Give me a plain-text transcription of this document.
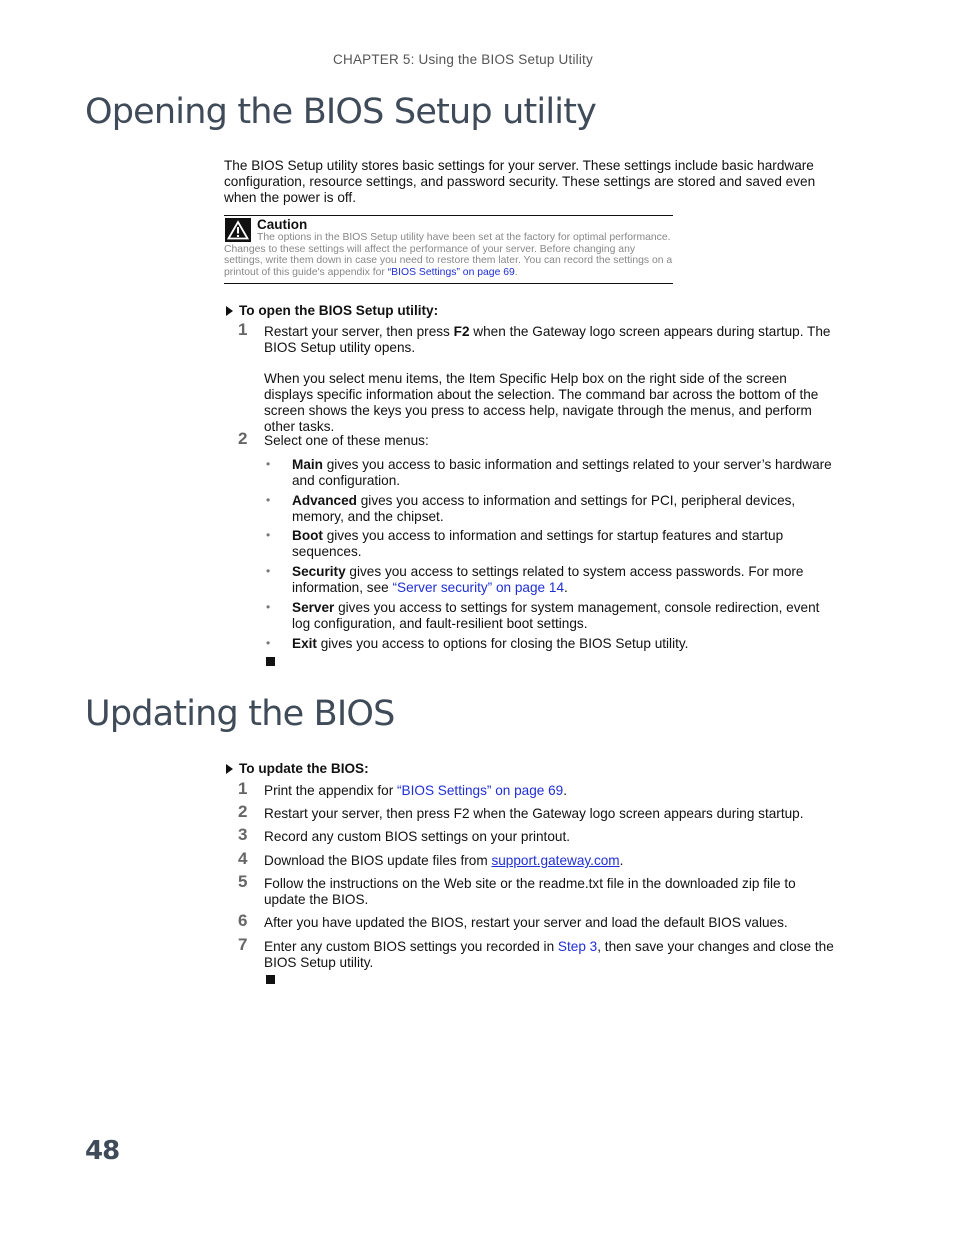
CHAPTER 5: Using the BIOS Setup Utility
Opening the BIOS Setup utility

The BIOS Setup utility stores basic settings for your server. These settings include basic hardware configuration, resource settings, and password security. These settings are stored and saved even when the power is off.

Caution
The options in the BIOS Setup utility have been set at the factory for optimal performance. Changes to these settings will affect the performance of your server. Before changing any settings, write them down in case you need to restore them later. You can record the settings on a printout of this guide's appendix for “BIOS Settings” on page 69.
To open the BIOS Setup utility:
1 Restart your server, then press F2 when the Gateway logo screen appears during startup. The BIOS Setup utility opens.

When you select menu items, the Item Specific Help box on the right side of the screen displays specific information about the selection. The command bar across the bottom of the screen shows the keys you press to access help, navigate through the menus, and perform other tasks.

2 Select one of these menus:

• Main gives you access to basic information and settings related to your server’s hardware and configuration.

• Advanced gives you access to information and settings for PCI, peripheral devices, memory, and the chipset.

• Boot gives you access to information and settings for startup features and startup sequences.

• Security gives you access to settings related to system access passwords. For more information, see “Server security” on page 14.

• Server gives you access to settings for system management, console redirection, event log configuration, and fault-resilient boot settings.

• Exit gives you access to options for closing the BIOS Setup utility.

Updating the BIOS
To update the BIOS:
1 Print the appendix for “BIOS Settings” on page 69.

2 Restart your server, then press F2 when the Gateway logo screen appears during startup.

3 Record any custom BIOS settings on your printout.

4 Download the BIOS update files from support.gateway.com.

5 Follow the instructions on the Web site or the readme.txt file in the downloaded zip file to update the BIOS.

6 After you have updated the BIOS, restart your server and load the default BIOS values.

7 Enter any custom BIOS settings you recorded in Step 3, then save your changes and close the BIOS Setup utility.

48
